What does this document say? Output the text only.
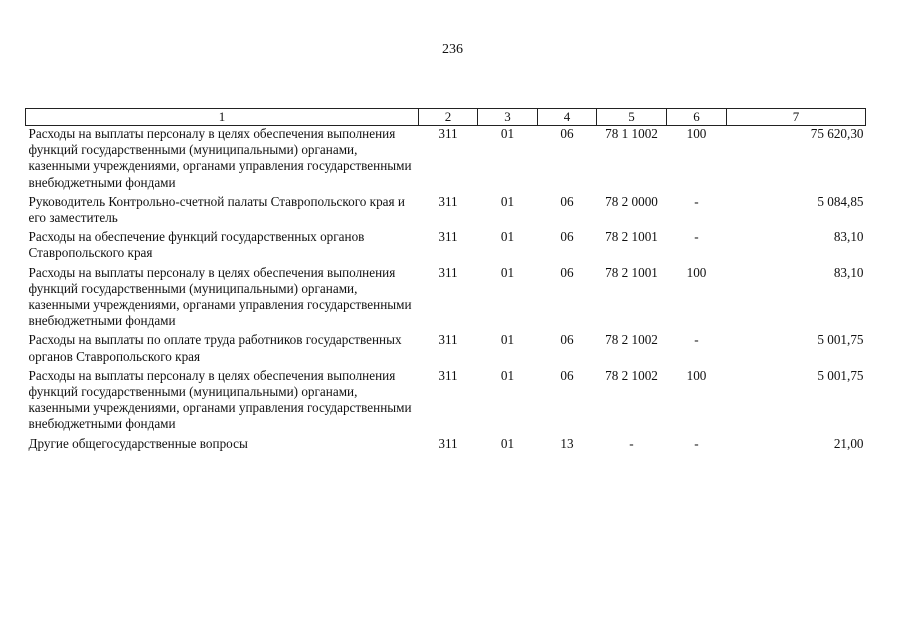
236
1	2	3	4	5	6	7
Расходы на выплаты персоналу в целях обеспечения выполнения функций государственными (муниципальными) органами, казенными учреждениями, органами управления государственными внебюджетными фондами	311	01	06	78 1 1002	100	75 620,30
Руководитель Контрольно-счетной палаты Ставропольского края и его заместитель	311	01	06	78 2 0000	-	5 084,85
Расходы на обеспечение функций государственных органов Ставропольского края	311	01	06	78 2 1001	-	83,10
Расходы на выплаты персоналу в целях обеспечения выполнения функций государственными (муниципальными) органами, казенными учреждениями, органами управления государственными внебюджетными фондами	311	01	06	78 2 1001	100	83,10
Расходы на выплаты по оплате труда работников государственных органов Ставропольского края	311	01	06	78 2 1002	-	5 001,75
Расходы на выплаты персоналу в целях обеспечения выполнения функций государственными (муниципальными) органами, казенными учреждениями, органами управления государственными внебюджетными фондами	311	01	06	78 2 1002	100	5 001,75
Другие общегосударственные вопросы	311	01	13	-	-	21,00
